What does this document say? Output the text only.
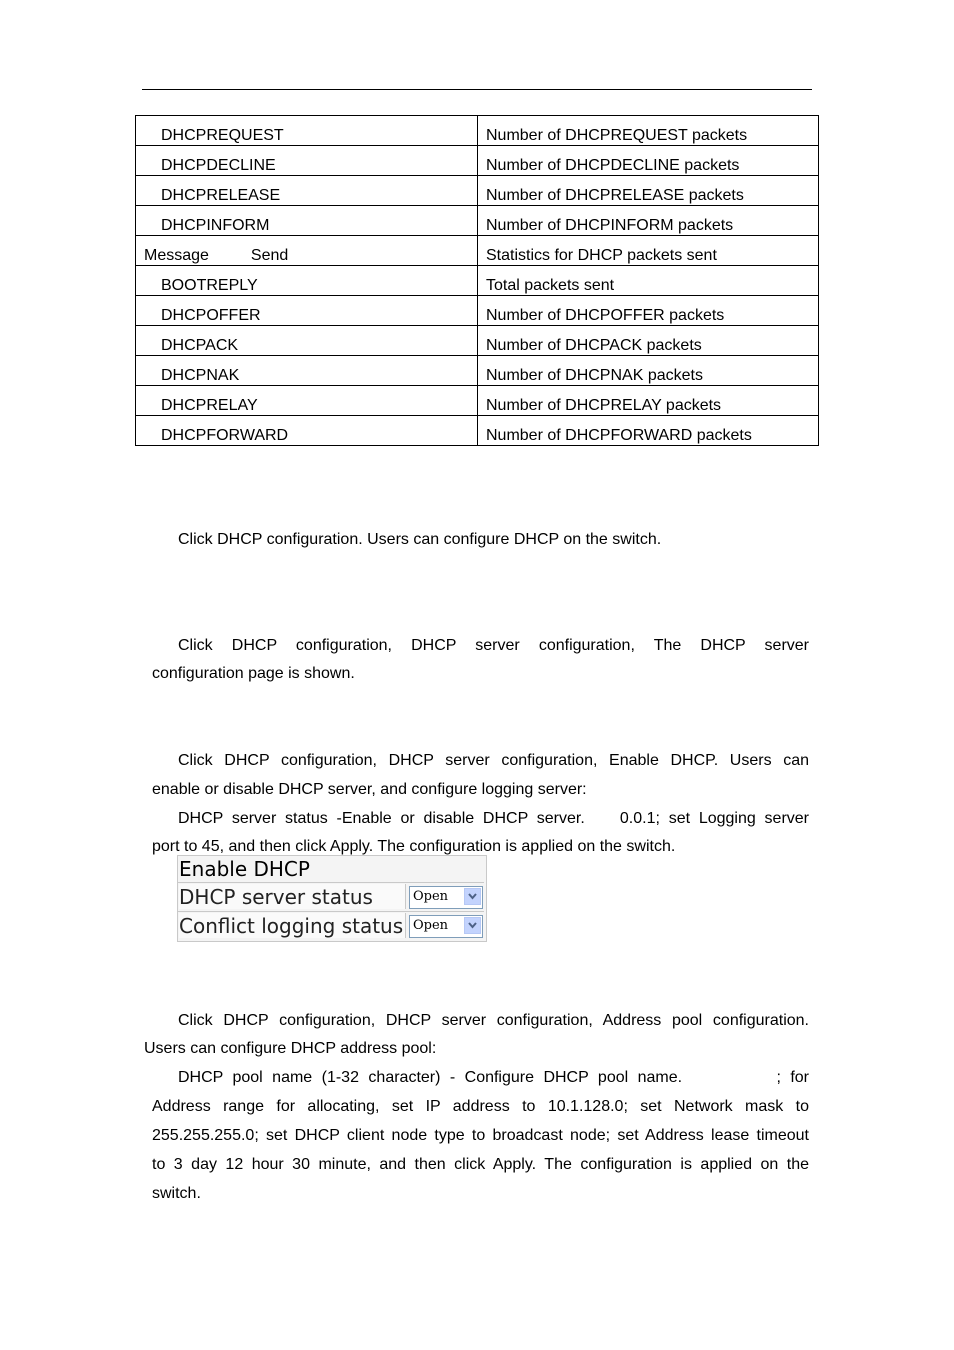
DHCPREQUEST	Number of DHCPREQUEST packets
DHCPDECLINE	Number of DHCPDECLINE packets
DHCPRELEASE	Number of DHCPRELEASE packets
DHCPINFORM	Number of DHCPINFORM packets
Message Send	Statistics for DHCP packets sent
BOOTREPLY	Total packets sent
DHCPOFFER	Number of DHCPOFFER packets
DHCPACK	Number of DHCPACK packets
DHCPNAK	Number of DHCPNAK packets
DHCPRELAY	Number of DHCPRELAY packets
DHCPFORWARD	Number of DHCPFORWARD packets
Click DHCP configuration. Users can configure DHCP on the switch.
Click DHCP configuration, DHCP server configuration, The DHCP server
configuration page is shown.
Click DHCP configuration, DHCP server configuration, Enable DHCP. Users can
enable or disable DHCP server, and configure logging server:
DHCP server status -Enable or disable DHCP server.    0.0.1; set Logging server
port to 45, and then click Apply. The configuration is applied on the switch.
Enable DHCP
DHCP server status	Open
Conflict logging status Open
Click DHCP configuration, DHCP server configuration, Address pool configuration.
Users can configure DHCP address pool:
DHCP pool name (1-32 character) - Configure DHCP pool name.          ; for
Address range for allocating, set IP address to 10.1.128.0; set Network mask to
255.255.255.0; set DHCP client node type to broadcast node; set Address lease timeout
to 3 day 12 hour 30 minute, and then click Apply. The configuration is applied on the
switch.
